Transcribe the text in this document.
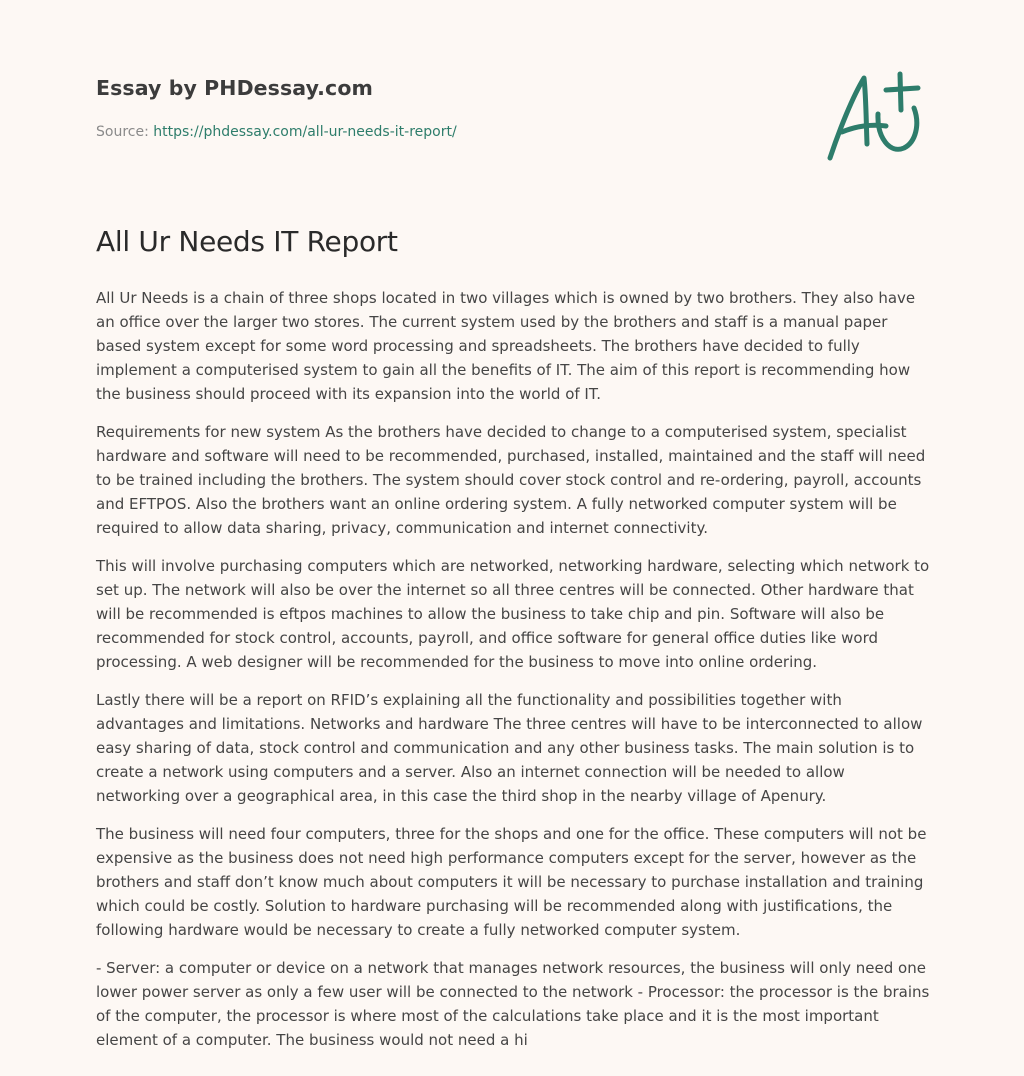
Essay by PHDessay.com
Source: https://phdessay.com/all-ur-needs-it-report/
All Ur Needs IT Report

All Ur Needs is a chain of three shops located in two villages which is owned by two brothers. They also have an office over the larger two stores. The current system used by the brothers and staff is a manual paper based system except for some word processing and spreadsheets. The brothers have decided to fully implement a computerised system to gain all the benefits of IT. The aim of this report is recommending how the business should proceed with its expansion into the world of IT.

Requirements for new system As the brothers have decided to change to a computerised system, specialist hardware and software will need to be recommended, purchased, installed, maintained and the staff will need to be trained including the brothers. The system should cover stock control and re-ordering, payroll, accounts and EFTPOS. Also the brothers want an online ordering system. A fully networked computer system will be required to allow data sharing, privacy, communication and internet connectivity.

This will involve purchasing computers which are networked, networking hardware, selecting which network to set up. The network will also be over the internet so all three centres will be connected. Other hardware that will be recommended is eftpos machines to allow the business to take chip and pin. Software will also be recommended for stock control, accounts, payroll, and office software for general office duties like word processing. A web designer will be recommended for the business to move into online ordering.

Lastly there will be a report on RFID’s explaining all the functionality and possibilities together with advantages and limitations. Networks and hardware The three centres will have to be interconnected to allow easy sharing of data, stock control and communication and any other business tasks. The main solution is to create a network using computers and a server. Also an internet connection will be needed to allow networking over a geographical area, in this case the third shop in the nearby village of Apenury.

The business will need four computers, three for the shops and one for the office. These computers will not be expensive as the business does not need high performance computers except for the server, however as the brothers and staff don’t know much about computers it will be necessary to purchase installation and training which could be costly. Solution to hardware purchasing will be recommended along with justifications, the following hardware would be necessary to create a fully networked computer system.

- Server: a computer or device on a network that manages network resources, the business will only need one lower power server as only a few user will be connected to the network - Processor: the processor is the brains of the computer, the processor is where most of the calculations take place and it is the most important element of a computer. The business would not need a hi
